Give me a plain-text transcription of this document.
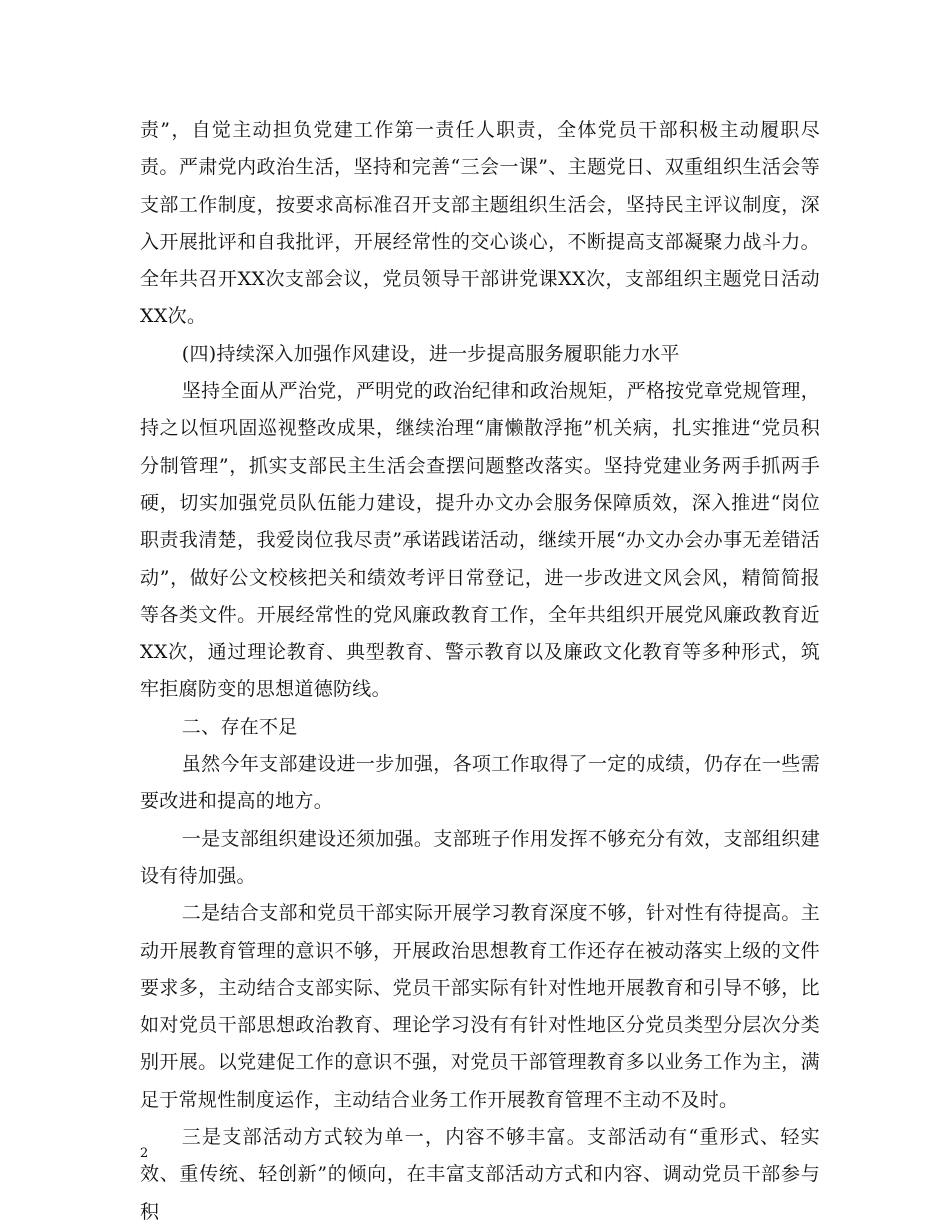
责”，自觉主动担负党建工作第一责任人职责，全体党员干部积极主动履职尽责。严肃党内政治生活，坚持和完善“三会一课”、主题党日、双重组织生活会等支部工作制度，按要求高标准召开支部主题组织生活会，坚持民主评议制度，深入开展批评和自我批评，开展经常性的交心谈心，不断提高支部凝聚力战斗力。全年共召开XX次支部会议，党员领导干部讲党课XX次，支部组织主题党日活动XX次。

(四)持续深入加强作风建设，进一步提高服务履职能力水平

坚持全面从严治党，严明党的政治纪律和政治规矩，严格按党章党规管理，持之以恒巩固巡视整改成果，继续治理“庸懒散浮拖”机关病，扎实推进“党员积分制管理”，抓实支部民主生活会查摆问题整改落实。坚持党建业务两手抓两手硬，切实加强党员队伍能力建设，提升办文办会服务保障质效，深入推进“岗位职责我清楚，我爱岗位我尽责”承诺践诺活动，继续开展“办文办会办事无差错活动”，做好公文校核把关和绩效考评日常登记，进一步改进文风会风，精简简报等各类文件。开展经常性的党风廉政教育工作，全年共组织开展党风廉政教育近XX次，通过理论教育、典型教育、警示教育以及廉政文化教育等多种形式，筑牢拒腐防变的思想道德防线。

二、存在不足

虽然今年支部建设进一步加强，各项工作取得了一定的成绩，仍存在一些需要改进和提高的地方。

一是支部组织建设还须加强。支部班子作用发挥不够充分有效，支部组织建设有待加强。

二是结合支部和党员干部实际开展学习教育深度不够，针对性有待提高。主动开展教育管理的意识不够，开展政治思想教育工作还存在被动落实上级的文件要求多，主动结合支部实际、党员干部实际有针对性地开展教育和引导不够，比如对党员干部思想政治教育、理论学习没有有针对性地区分党员类型分层次分类别开展。以党建促工作的意识不强，对党员干部管理教育多以业务工作为主，满足于常规性制度运作，主动结合业务工作开展教育管理不主动不及时。

三是支部活动方式较为单一，内容不够丰富。支部活动有“重形式、轻实效、重传统、轻创新”的倾向，在丰富支部活动方式和内容、调动党员干部参与积

2
